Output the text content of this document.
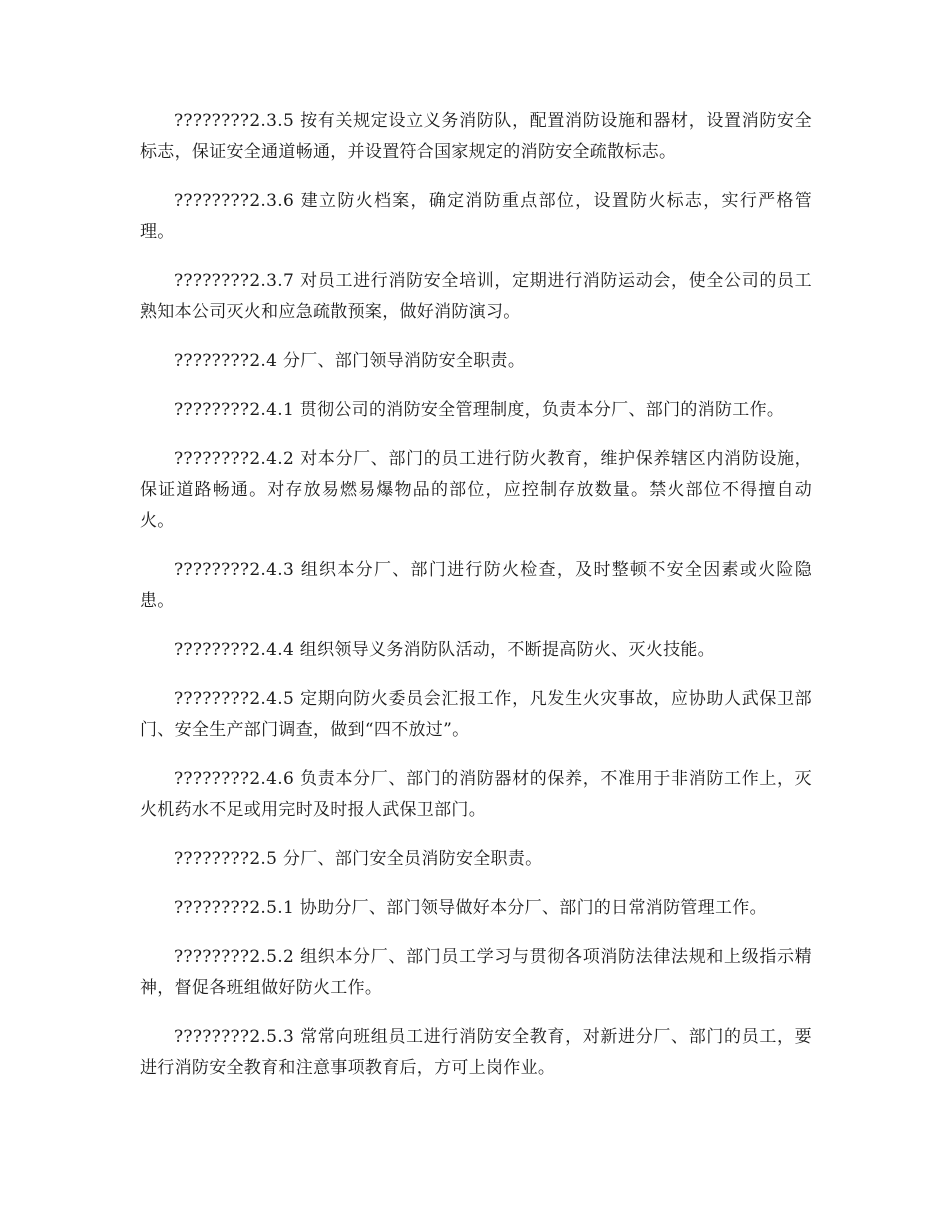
????????2.3.5 按有关规定设立义务消防队，配置消防设施和器材，设置消防安全标志，保证安全通道畅通，并设置符合国家规定的消防安全疏散标志。

????????2.3.6 建立防火档案，确定消防重点部位，设置防火标志，实行严格管理。

????????2.3.7 对员工进行消防安全培训，定期进行消防运动会，使全公司的员工熟知本公司灭火和应急疏散预案，做好消防演习。

????????2.4 分厂、部门领导消防安全职责。

????????2.4.1 贯彻公司的消防安全管理制度，负责本分厂、部门的消防工作。

????????2.4.2 对本分厂、部门的员工进行防火教育，维护保养辖区内消防设施，保证道路畅通。对存放易燃易爆物品的部位，应控制存放数量。禁火部位不得擅自动火。

????????2.4.3 组织本分厂、部门进行防火检查，及时整顿不安全因素或火险隐患。

????????2.4.4 组织领导义务消防队活动，不断提高防火、灭火技能。

????????2.4.5 定期向防火委员会汇报工作，凡发生火灾事故，应协助人武保卫部门、安全生产部门调查，做到“四不放过”。

????????2.4.6 负责本分厂、部门的消防器材的保养，不准用于非消防工作上，灭火机药水不足或用完时及时报人武保卫部门。

????????2.5 分厂、部门安全员消防安全职责。

????????2.5.1 协助分厂、部门领导做好本分厂、部门的日常消防管理工作。

????????2.5.2 组织本分厂、部门员工学习与贯彻各项消防法律法规和上级指示精神，督促各班组做好防火工作。

????????2.5.3 常常向班组员工进行消防安全教育，对新进分厂、部门的员工，要进行消防安全教育和注意事项教育后，方可上岗作业。
